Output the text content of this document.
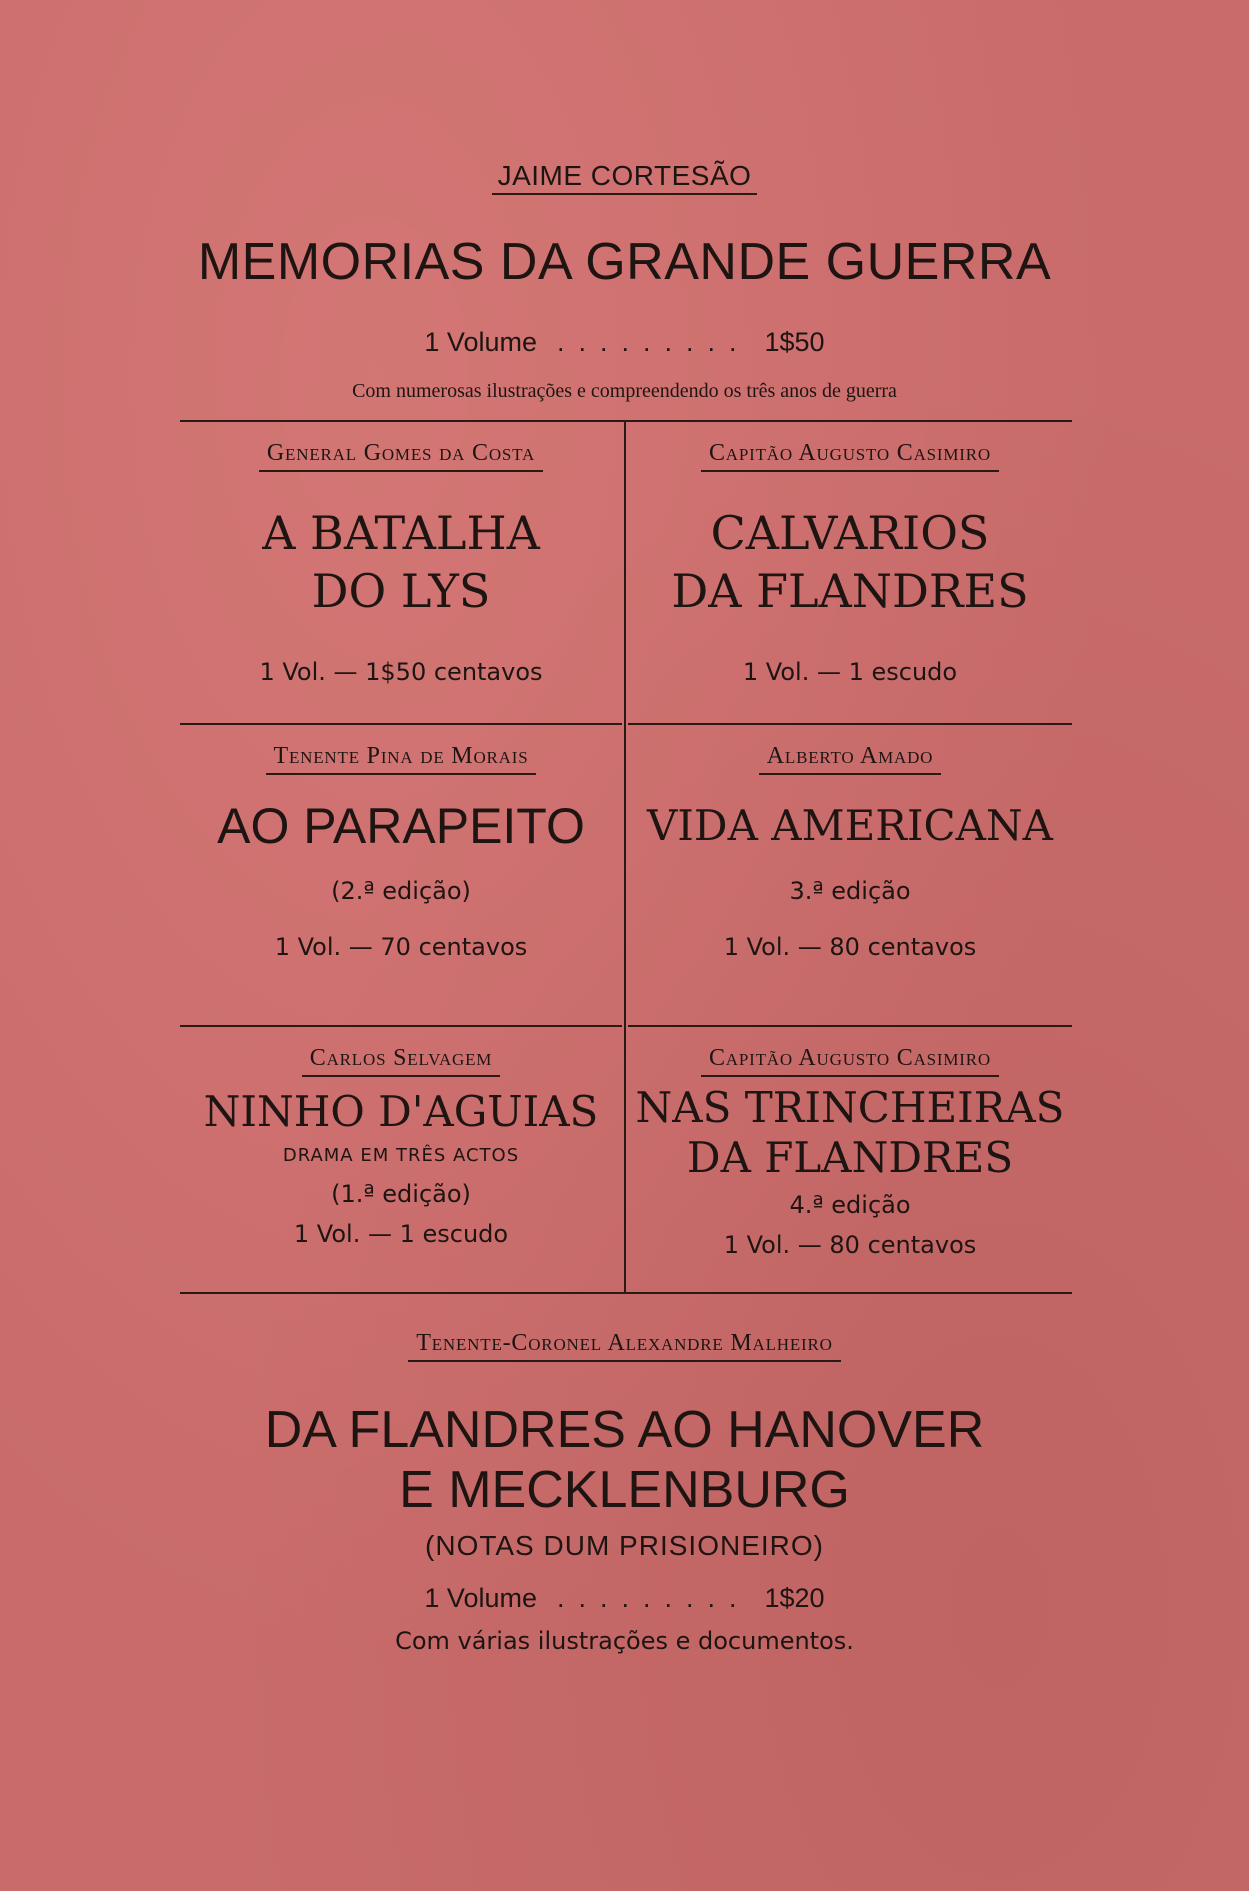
JAIME CORTESÃO
MEMORIAS DA GRANDE GUERRA
1 Volume ......... 1$50
Com numerosas ilustrações e compreendendo os três anos de guerra
General Gomes da Costa
A BATALHA
DO LYS
1 Vol. — 1$50 centavos
Capitão Augusto Casimiro
CALVARIOS
DA FLANDRES
1 Vol. — 1 escudo
Tenente Pina de Morais
AO PARAPEITO
(2.ª edição)
1 Vol. — 70 centavos
Alberto Amado
VIDA AMERICANA
3.ª edição
1 Vol. — 80 centavos
Carlos Selvagem
NINHO D'AGUIAS
DRAMA EM TRÊS ACTOS
(1.ª edição)
1 Vol. — 1 escudo
Capitão Augusto Casimiro
NAS TRINCHEIRAS
DA FLANDRES
4.ª edição
1 Vol. — 80 centavos
Tenente-Coronel Alexandre Malheiro
DA FLANDRES AO HANOVER
E MECKLENBURG
(NOTAS DUM PRISIONEIRO)
1 Volume ......... 1$20
Com várias ilustrações e documentos.
